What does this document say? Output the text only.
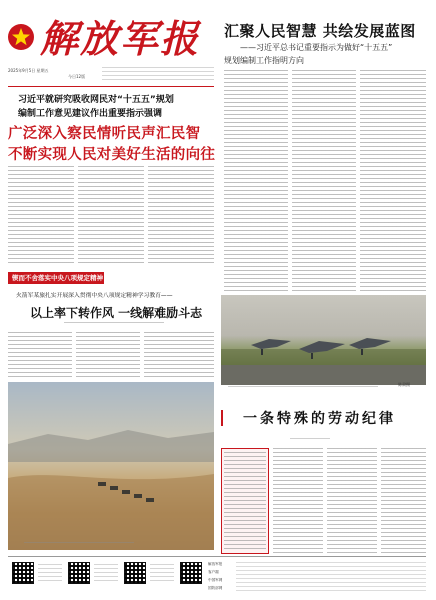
解放军报
2025年9月5日 星期五
今日12版
汇聚人民智慧 共绘发展蓝图
——习近平总书记重要指示为做好“十五五”
规划编制工作指明方向
习近平就研究吸收网民对“十五五”规划
编制工作意见建议作出重要指示强调
广泛深入察民情听民声汇民智
不断实现人民对美好生活的向往
锲而不舍落实中央八项规定精神
火箭军某旅扎实开展深入贯彻中央八项规定精神学习教育——
以上率下转作风 一线解难励斗志
陈肃摄
一条特殊的劳动纪律
解放军报
客户端
中国军网
国防部网
